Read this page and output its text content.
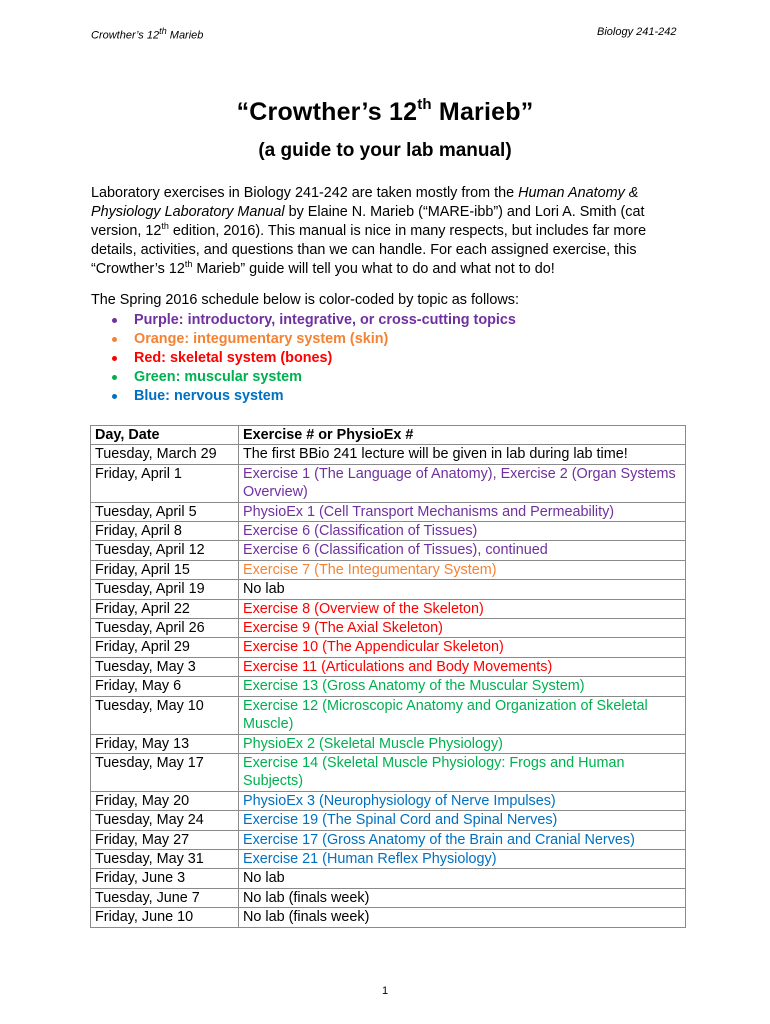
Crowther’s 12th Marieb	Biology 241-242
“Crowther’s 12th Marieb”
(a guide to your lab manual)

Laboratory exercises in Biology 241-242 are taken mostly from the Human Anatomy & Physiology Laboratory Manual by Elaine N. Marieb (“MARE-ibb”) and Lori A. Smith (cat version, 12th edition, 2016). This manual is nice in many respects, but includes far more details, activities, and questions than we can handle. For each assigned exercise, this “Crowther’s 12th Marieb” guide will tell you what to do and what not to do!

The Spring 2016 schedule below is color-coded by topic as follows:

Purple: introductory, integrative, or cross-cutting topics
Orange: integumentary system (skin)
Red: skeletal system (bones)
Green: muscular system
Blue: nervous system
Day, Date	Exercise # or PhysioEx #
Tuesday, March 29	The first BBio 241 lecture will be given in lab during lab time!
Friday, April 1	Exercise 1 (The Language of Anatomy), Exercise 2 (Organ Systems Overview)
Tuesday, April 5	PhysioEx 1 (Cell Transport Mechanisms and Permeability)
Friday, April 8	Exercise 6 (Classification of Tissues)
Tuesday, April 12	Exercise 6 (Classification of Tissues), continued
Friday, April 15	Exercise 7 (The Integumentary System)
Tuesday, April 19	No lab
Friday, April 22	Exercise 8 (Overview of the Skeleton)
Tuesday, April 26	Exercise 9 (The Axial Skeleton)
Friday, April 29	Exercise 10 (The Appendicular Skeleton)
Tuesday, May 3	Exercise 11 (Articulations and Body Movements)
Friday, May 6	Exercise 13 (Gross Anatomy of the Muscular System)
Tuesday, May 10	Exercise 12 (Microscopic Anatomy and Organization of Skeletal Muscle)
Friday, May 13	PhysioEx 2 (Skeletal Muscle Physiology)
Tuesday, May 17	Exercise 14 (Skeletal Muscle Physiology: Frogs and Human Subjects)
Friday, May 20	PhysioEx 3 (Neurophysiology of Nerve Impulses)
Tuesday, May 24	Exercise 19 (The Spinal Cord and Spinal Nerves)
Friday, May 27	Exercise 17 (Gross Anatomy of the Brain and Cranial Nerves)
Tuesday, May 31	Exercise 21 (Human Reflex Physiology)
Friday, June 3	No lab
Tuesday, June 7	No lab (finals week)
Friday, June 10	No lab (finals week)
1
